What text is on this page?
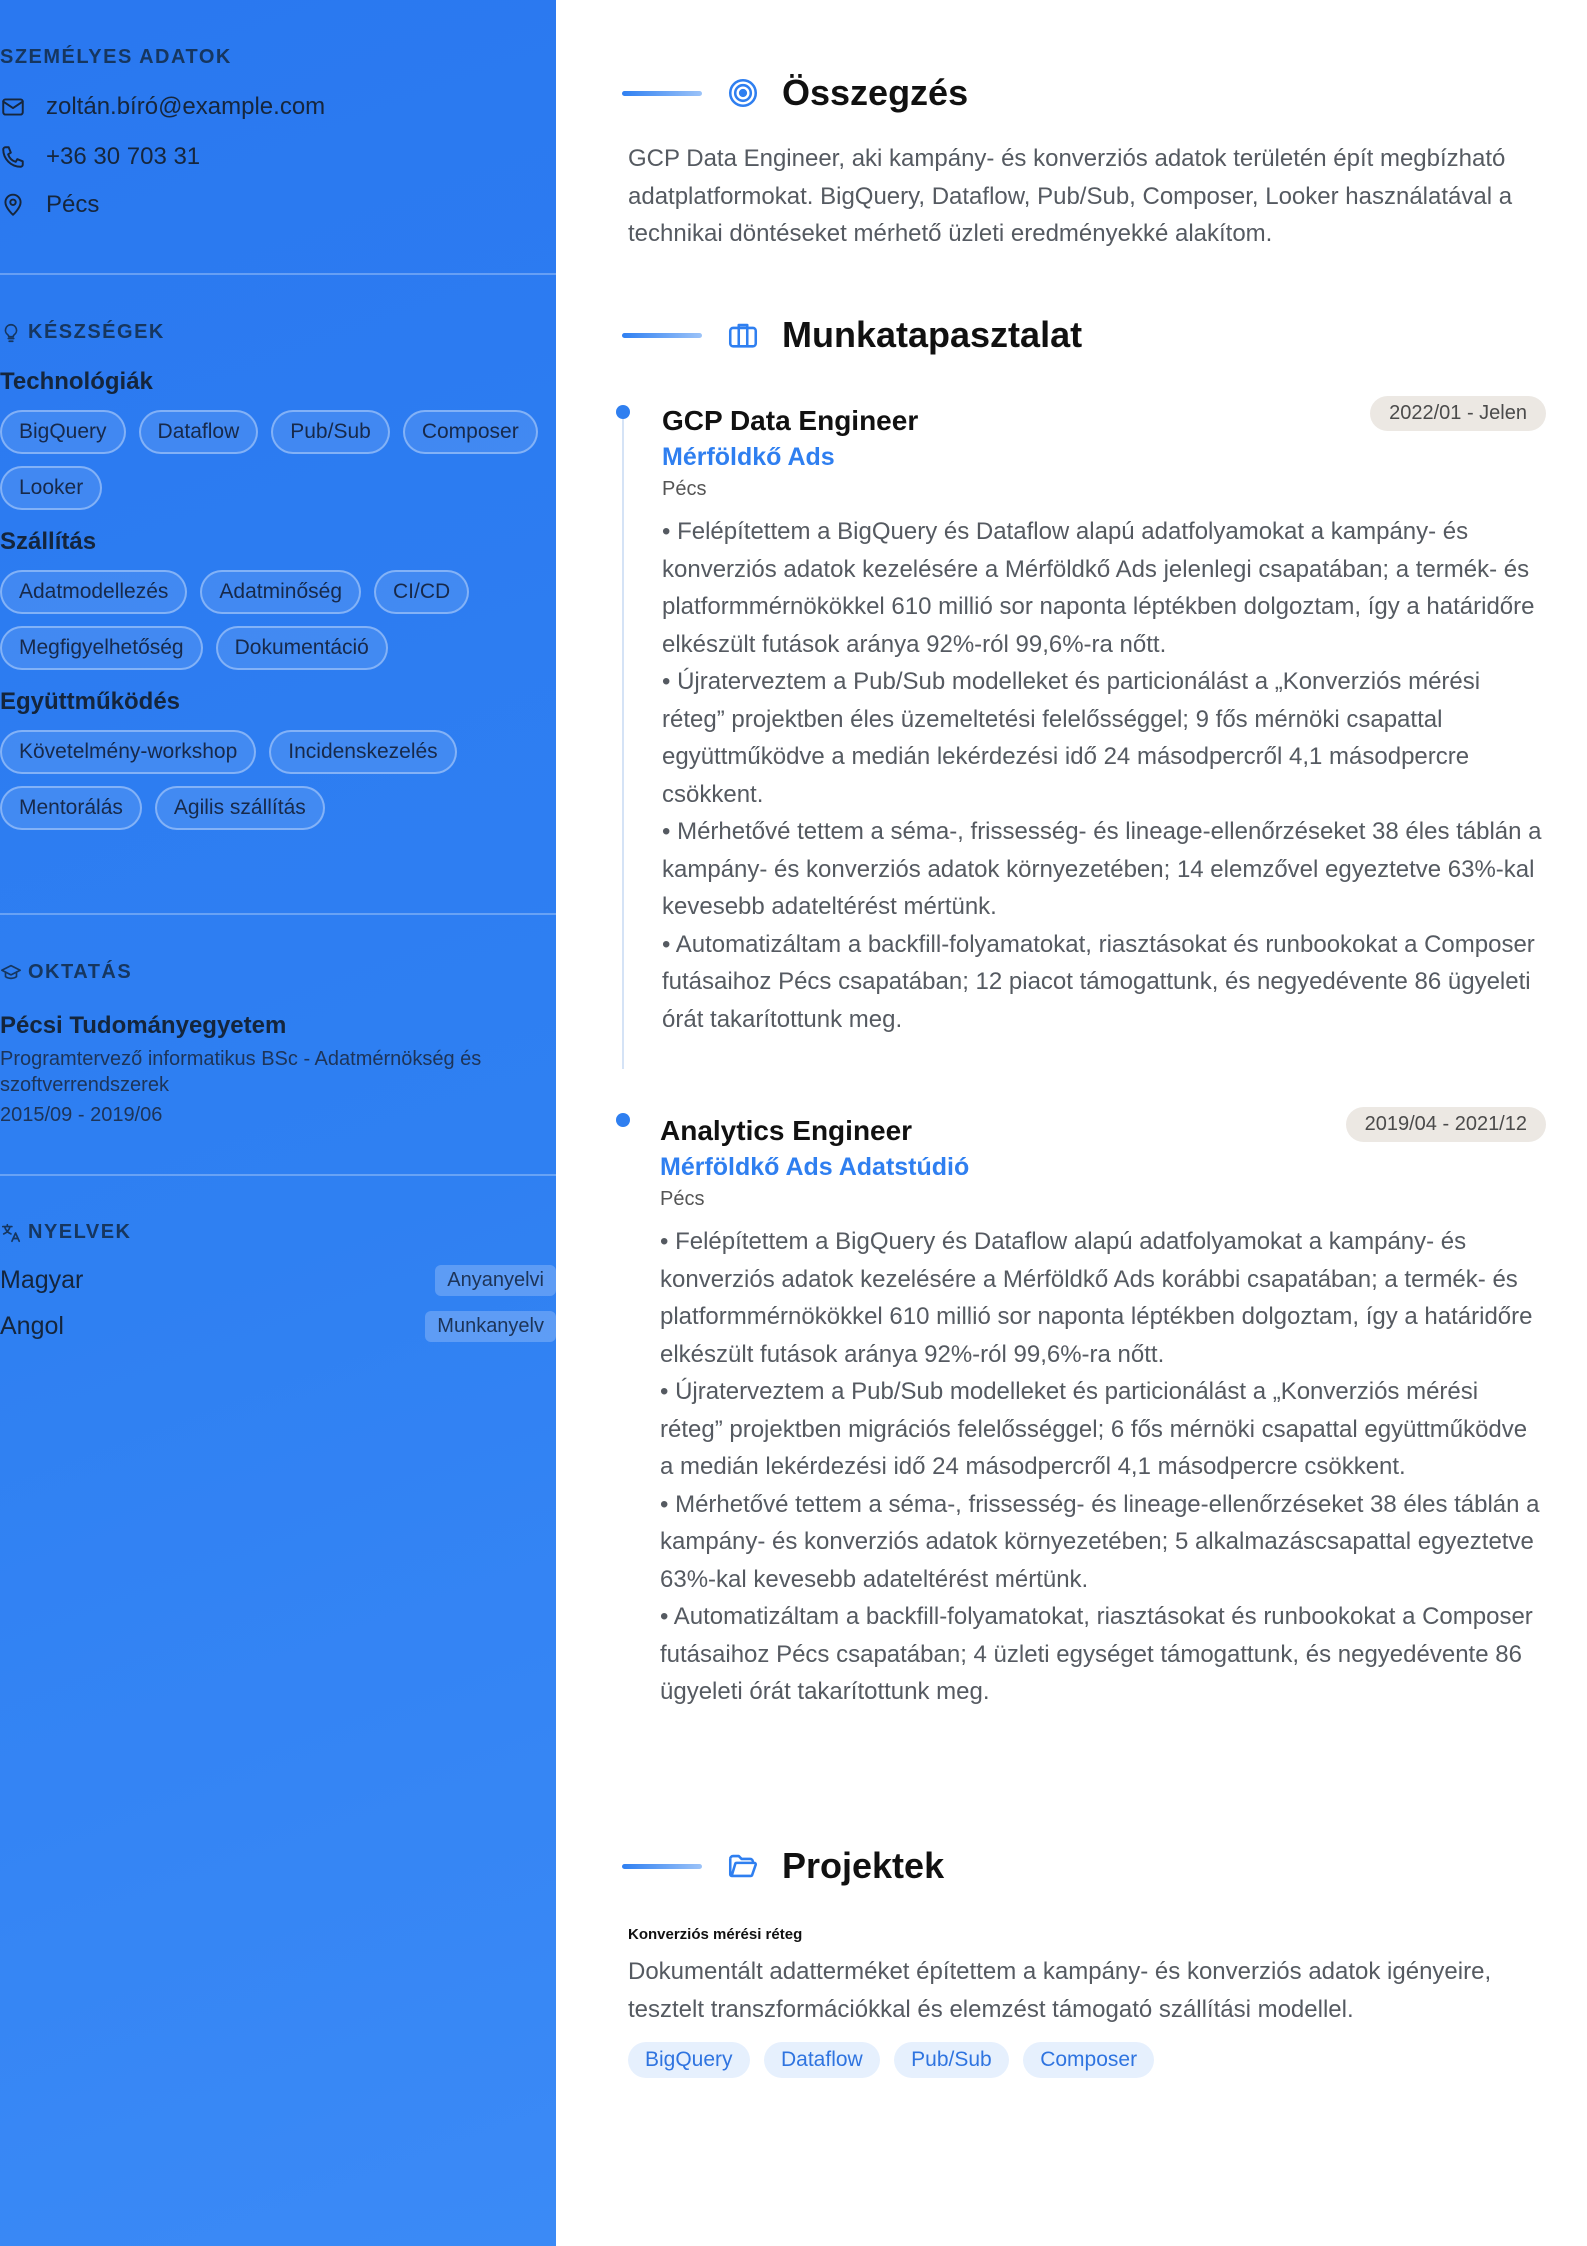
SZEMÉLYES ADATOK
zoltán.bíró@example.com
+36 30 703 31
Pécs
KÉSZSÉGEK
Technológiák
BigQuery	Dataflow	Pub/Sub	Composer
Looker
Szállítás
Adatmodellezés	Adatminőség	CI/CD
Megfigyelhetőség	Dokumentáció
Együttműködés
Követelmény-workshop	Incidenskezelés
Mentorálás	Agilis szállítás
OKTATÁS
Pécsi Tudományegyetem
Programtervező informatikus BSc - Adatmérnökség és szoftverrendszerek
2015/09 - 2019/06
NYELVEK
Magyar	Anyanyelvi
Angol	Munkanyelv
Összegzés

GCP Data Engineer, aki kampány- és konverziós adatok területén épít megbízható adatplatformokat. BigQuery, Dataflow, Pub/Sub, Composer, Looker használatával a technikai döntéseket mérhető üzleti eredményekké alakítom.

Munkatapasztalat
2022/01 - Jelen
GCP Data Engineer
Mérföldkő Ads
Pécs
• Felépítettem a BigQuery és Dataflow alapú adatfolyamokat a kampány- és konverziós adatok kezelésére a Mérföldkő Ads jelenlegi csapatában; a termék- és platformmérnökökkel 610 millió sor naponta léptékben dolgoztam, így a határidőre elkészült futások aránya 92%-ról 99,6%-ra nőtt.
• Újraterveztem a Pub/Sub modelleket és particionálást a „Konverziós mérési réteg” projektben éles üzemeltetési felelősséggel; 9 fős mérnöki csapattal együttműködve a medián lekérdezési idő 24 másodpercről 4,1 másodpercre csökkent.
• Mérhetővé tettem a séma-, frissesség- és lineage-ellenőrzéseket 38 éles táblán a kampány- és konverziós adatok környezetében; 14 elemzővel egyeztetve 63%-kal kevesebb adateltérést mértünk.
• Automatizáltam a backfill-folyamatokat, riasztásokat és runbookokat a Composer futásaihoz Pécs csapatában; 12 piacot támogattunk, és negyedévente 86 ügyeleti órát takarítottunk meg.
2019/04 - 2021/12
Analytics Engineer
Mérföldkő Ads Adatstúdió
Pécs
• Felépítettem a BigQuery és Dataflow alapú adatfolyamokat a kampány- és konverziós adatok kezelésére a Mérföldkő Ads korábbi csapatában; a termék- és platformmérnökökkel 610 millió sor naponta léptékben dolgoztam, így a határidőre elkészült futások aránya 92%-ról 99,6%-ra nőtt.
• Újraterveztem a Pub/Sub modelleket és particionálást a „Konverziós mérési réteg” projektben migrációs felelősséggel; 6 fős mérnöki csapattal együttműködve a medián lekérdezési idő 24 másodpercről 4,1 másodpercre csökkent.
• Mérhetővé tettem a séma-, frissesség- és lineage-ellenőrzéseket 38 éles táblán a kampány- és konverziós adatok környezetében; 5 alkalmazáscsapattal egyeztetve 63%-kal kevesebb adateltérést mértünk.
• Automatizáltam a backfill-folyamatokat, riasztásokat és runbookokat a Composer futásaihoz Pécs csapatában; 4 üzleti egységet támogattunk, és negyedévente 86 ügyeleti órát takarítottunk meg.
Projektek
Konverziós mérési réteg

Dokumentált adatterméket építettem a kampány- és konverziós adatok igényeire, tesztelt transzformációkkal és elemzést támogató szállítási modellel.

BigQuery Dataflow Pub/Sub Composer
